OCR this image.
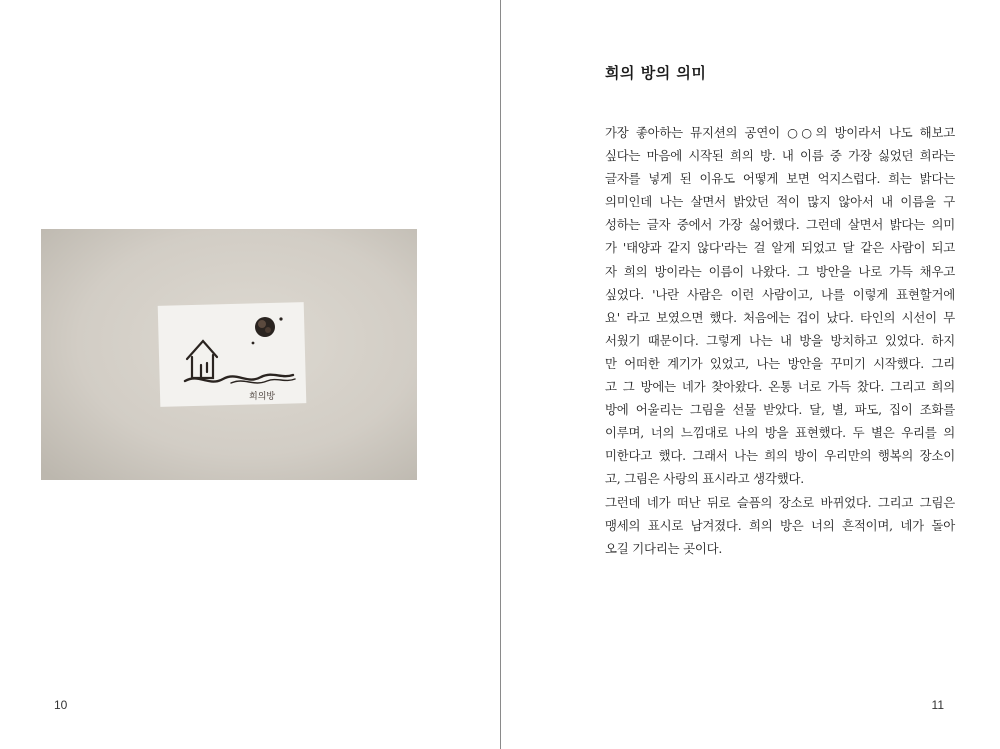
희의방
10
희의 방의 의미
가장 좋아하는 뮤지션의 공연이 ○○의 방이라서 나도 해보고
싶다는 마음에 시작된 희의 방. 내 이름 중 가장 싫었던 희라는
글자를 넣게 된 이유도 어떻게 보면 억지스럽다. 희는 밝다는
의미인데 나는 살면서 밝았던 적이 많지 않아서 내 이름을 구
성하는 글자 중에서 가장 싫어했다. 그런데 살면서 밝다는 의미
가 '태양과 같지 않다'라는 걸 알게 되었고 달 같은 사람이 되고
자 희의 방이라는 이름이 나왔다. 그 방안을 나로 가득 채우고
싶었다. '나란 사람은 이런 사람이고, 나를 이렇게 표현할거에
요' 라고 보였으면 했다. 처음에는 겁이 났다. 타인의 시선이 무
서웠기 때문이다. 그렇게 나는 내 방을 방치하고 있었다. 하지
만 어떠한 계기가 있었고, 나는 방안을 꾸미기 시작했다. 그리
고 그 방에는 네가 찾아왔다. 온통 너로 가득 찼다. 그리고 희의
방에 어울리는 그림을 선물 받았다. 달, 별, 파도, 집이 조화를
이루며, 너의 느낌대로 나의 방을 표현했다. 두 별은 우리를 의
미한다고 했다. 그래서 나는 희의 방이 우리만의 행복의 장소이
고, 그림은 사랑의 표시라고 생각했다.
그런데 네가 떠난 뒤로 슬픔의 장소로 바뀌었다. 그리고 그림은
맹세의 표시로 남겨졌다. 희의 방은 너의 흔적이며, 네가 돌아
오길 기다리는 곳이다.
11
